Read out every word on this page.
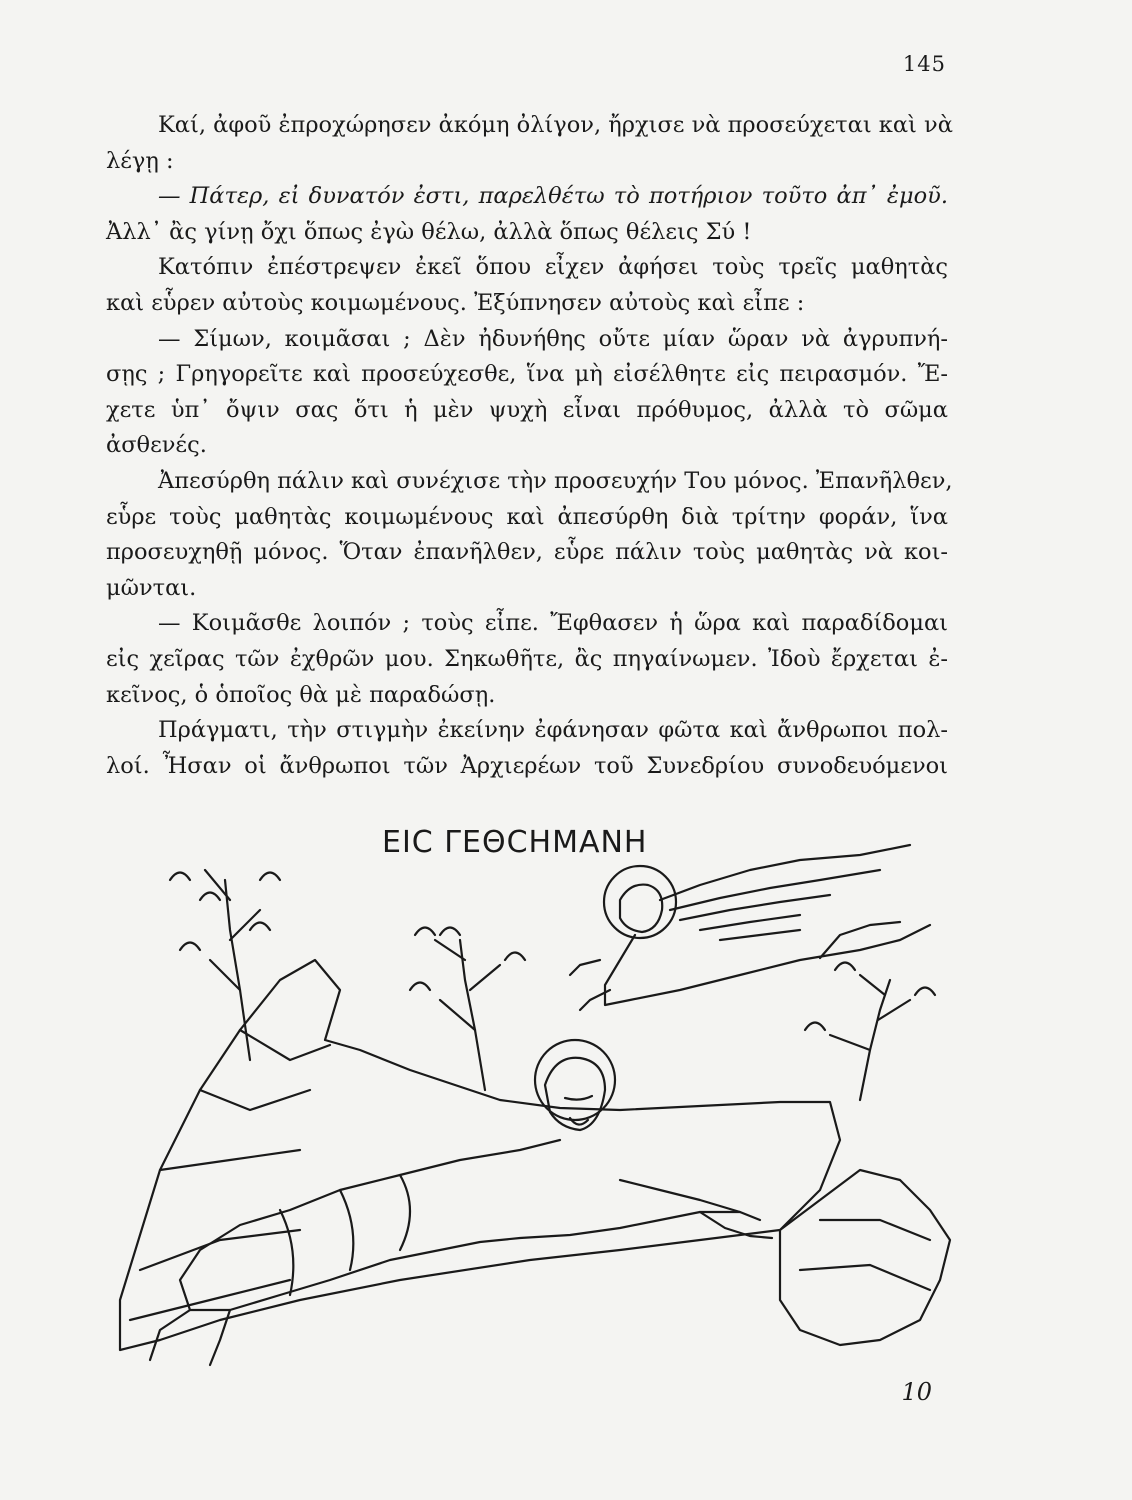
145
Καί, ἀφοῦ ἐπροχώρησεν ἀκόμη ὀλίγον, ἤρχισε νὰ προσεύχεται καὶ νὰ
λέγῃ :
— Πάτερ, εἰ δυνατόν ἐστι, παρελθέτω τὸ ποτήριον τοῦτο ἀπ᾽ ἐμοῦ.
Ἀλλ᾽ ἂς γίνῃ ὄχι ὅπως ἐγὼ θέλω, ἀλλὰ ὅπως θέλεις Σύ !
Κατόπιν ἐπέστρεψεν ἐκεῖ ὅπου εἶχεν ἀφήσει τοὺς τρεῖς μαθητὰς
καὶ εὗρεν αὐτοὺς κοιμωμένους. Ἐξύπνησεν αὐτοὺς καὶ εἶπε :
— Σίμων, κοιμᾶσαι ; Δὲν ἠδυνήθης οὔτε μίαν ὥραν νὰ ἀγρυπνή-
σῃς ; Γρηγορεῖτε καὶ προσεύχεσθε, ἵνα μὴ εἰσέλθητε εἰς πειρασμόν. Ἔ-
χετε ὑπ᾽ ὄψιν σας ὅτι ἡ μὲν ψυχὴ εἶναι πρόθυμος, ἀλλὰ τὸ σῶμα
ἀσθενές.
Ἀπεσύρθη πάλιν καὶ συνέχισε τὴν προσευχήν Του μόνος. Ἐπανῆλθεν,
εὗρε τοὺς μαθητὰς κοιμωμένους καὶ ἀπεσύρθη διὰ τρίτην φοράν, ἵνα
προσευχηθῇ μόνος. Ὅταν ἐπανῆλθεν, εὗρε πάλιν τοὺς μαθητὰς νὰ κοι-
μῶνται.
— Κοιμᾶσθε λοιπόν ; τοὺς εἶπε. Ἔφθασεν ἡ ὥρα καὶ παραδίδομαι
εἰς χεῖρας τῶν ἐχθρῶν μου. Σηκωθῆτε, ἂς πηγαίνωμεν. Ἰδοὺ ἔρχεται ἐ-
κεῖνος, ὁ ὁποῖος θὰ μὲ παραδώσῃ.
Πράγματι, τὴν στιγμὴν ἐκείνην ἐφάνησαν φῶτα καὶ ἄνθρωποι πολ-
λοί. Ἦσαν οἱ ἄνθρωποι τῶν Ἀρχιερέων τοῦ Συνεδρίου συνοδευόμενοι
ΕΙC ΓΕΘCΗΜΑΝΗ
10
